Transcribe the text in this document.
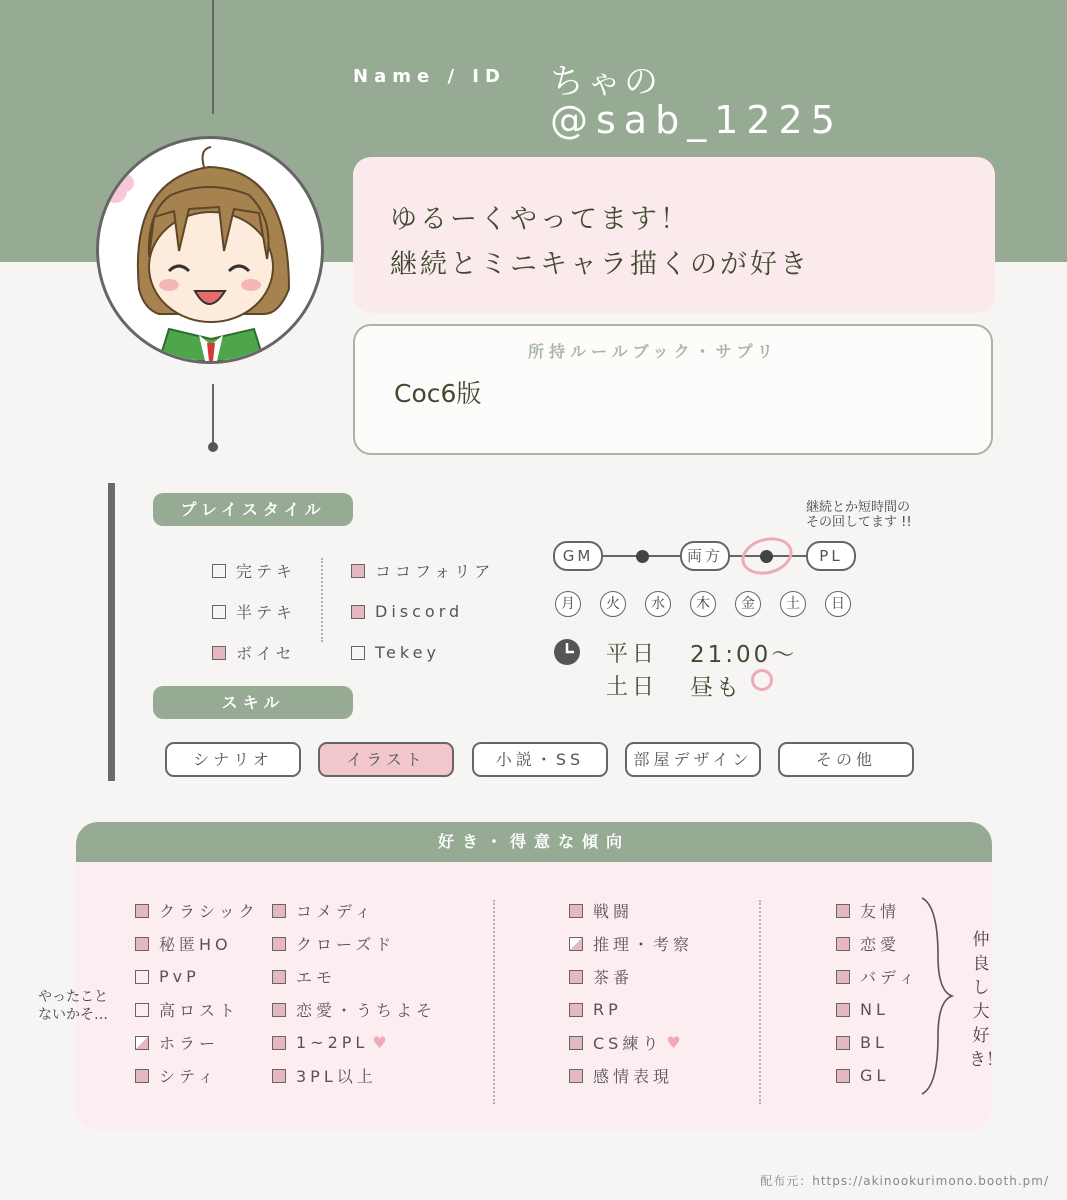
Name / ID ちゃの
@sab_1225
ゆるーくやってます！
継続とミニキャラ描くのが好き
所持ルールブック・サプリ
Coc6版
プレイスタイル
完テキ
半テキ
ボイセ
ココフォリア
Discord
Tekey
GM	両方	PL
継続とか短時間の
その回してます !!
月	火	水	木	金	土	日
平日 21:00〜
土日 昼も
スキル
シナリオ	イラスト	小説・SS	部屋デザイン	その他
好き・得意な傾向
クラシック
秘匿HO
PvP
高ロスト
ホラー
シティ
コメディ
クローズド
エモ
恋愛・うちよそ
1~2PL ♥
3PL以上
戦闘
推理・考察
茶番
RP
CS練り ♥
感情表現
友情
恋愛
バディ
NL
BL
GL
仲良し大好き！
やったこと
ないかそ…
配布元：https://akinookurimono.booth.pm/
